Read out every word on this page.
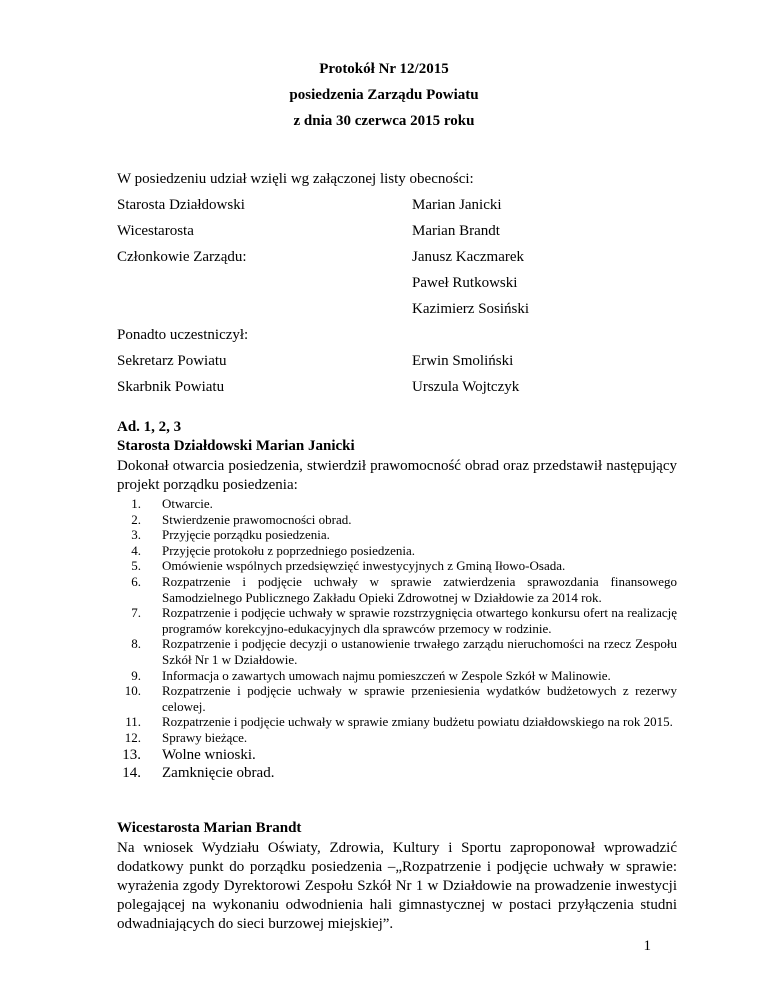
Protokół Nr 12/2015
posiedzenia Zarządu Powiatu
z dnia 30 czerwca 2015 roku
W posiedzeniu udział wzięli wg załączonej listy obecności:
Starosta Działdowski	Marian Janicki
Wicestarosta	Marian Brandt
Członkowie Zarządu:	Janusz Kaczmarek
Paweł Rutkowski
Kazimierz Sosiński
Ponadto uczestniczył:
Sekretarz Powiatu	Erwin Smoliński
Skarbnik Powiatu	Urszula Wojtczyk
Ad. 1, 2, 3
Starosta Działdowski Marian Janicki
Dokonał otwarcia posiedzenia, stwierdził prawomocność obrad oraz przedstawił następujący
projekt porządku posiedzenia:
1. Otwarcie.
2. Stwierdzenie prawomocności obrad.
3. Przyjęcie porządku posiedzenia.
4. Przyjęcie protokołu z poprzedniego posiedzenia.
5. Omówienie wspólnych przedsięwzięć inwestycyjnych z Gminą Iłowo-Osada.
6. Rozpatrzenie i podjęcie uchwały w sprawie zatwierdzenia sprawozdania finansowego Samodzielnego Publicznego Zakładu Opieki Zdrowotnej w Działdowie za 2014 rok.
7. Rozpatrzenie i podjęcie uchwały w sprawie rozstrzygnięcia otwartego konkursu ofert na realizację programów korekcyjno-edukacyjnych dla sprawców przemocy w rodzinie.
8. Rozpatrzenie i podjęcie decyzji o ustanowienie trwałego zarządu nieruchomości na rzecz Zespołu Szkół Nr 1 w Działdowie.
9. Informacja o zawartych umowach najmu pomieszczeń w Zespole Szkół w Malinowie.
10. Rozpatrzenie i podjęcie uchwały w sprawie przeniesienia wydatków budżetowych z rezerwy celowej.
11. Rozpatrzenie i podjęcie uchwały w sprawie zmiany budżetu powiatu działdowskiego na rok 2015.
12. Sprawy bieżące.
13. Wolne wnioski.
14. Zamknięcie obrad.
Wicestarosta Marian Brandt
Na wniosek Wydziału Oświaty, Zdrowia, Kultury i Sportu zaproponował wprowadzić
dodatkowy punkt do porządku posiedzenia –„Rozpatrzenie i podjęcie uchwały w sprawie:
wyrażenia zgody Dyrektorowi Zespołu Szkół Nr 1 w Działdowie na prowadzenie inwestycji
polegającej na wykonaniu odwodnienia hali gimnastycznej w postaci przyłączenia studni
odwadniających do sieci burzowej miejskiej”.
1
